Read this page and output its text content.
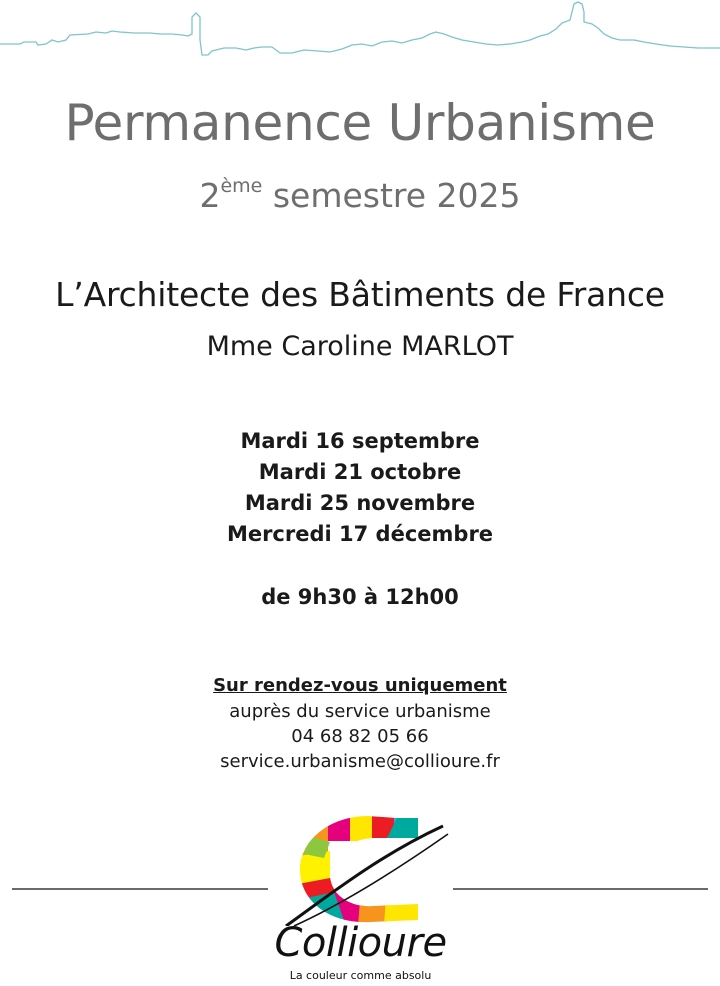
Permanence Urbanisme
2ème semestre 2025
L’Architecte des Bâtiments de France
Mme Caroline MARLOT
Mardi 16 septembre
Mardi 21 octobre
Mardi 25 novembre
Mercredi 17 décembre
de 9h30 à 12h00
Sur rendez-vous uniquement
auprès du service urbanisme
04 68 82 05 66
service.urbanisme@collioure.fr
Collioure
La couleur comme absolu
